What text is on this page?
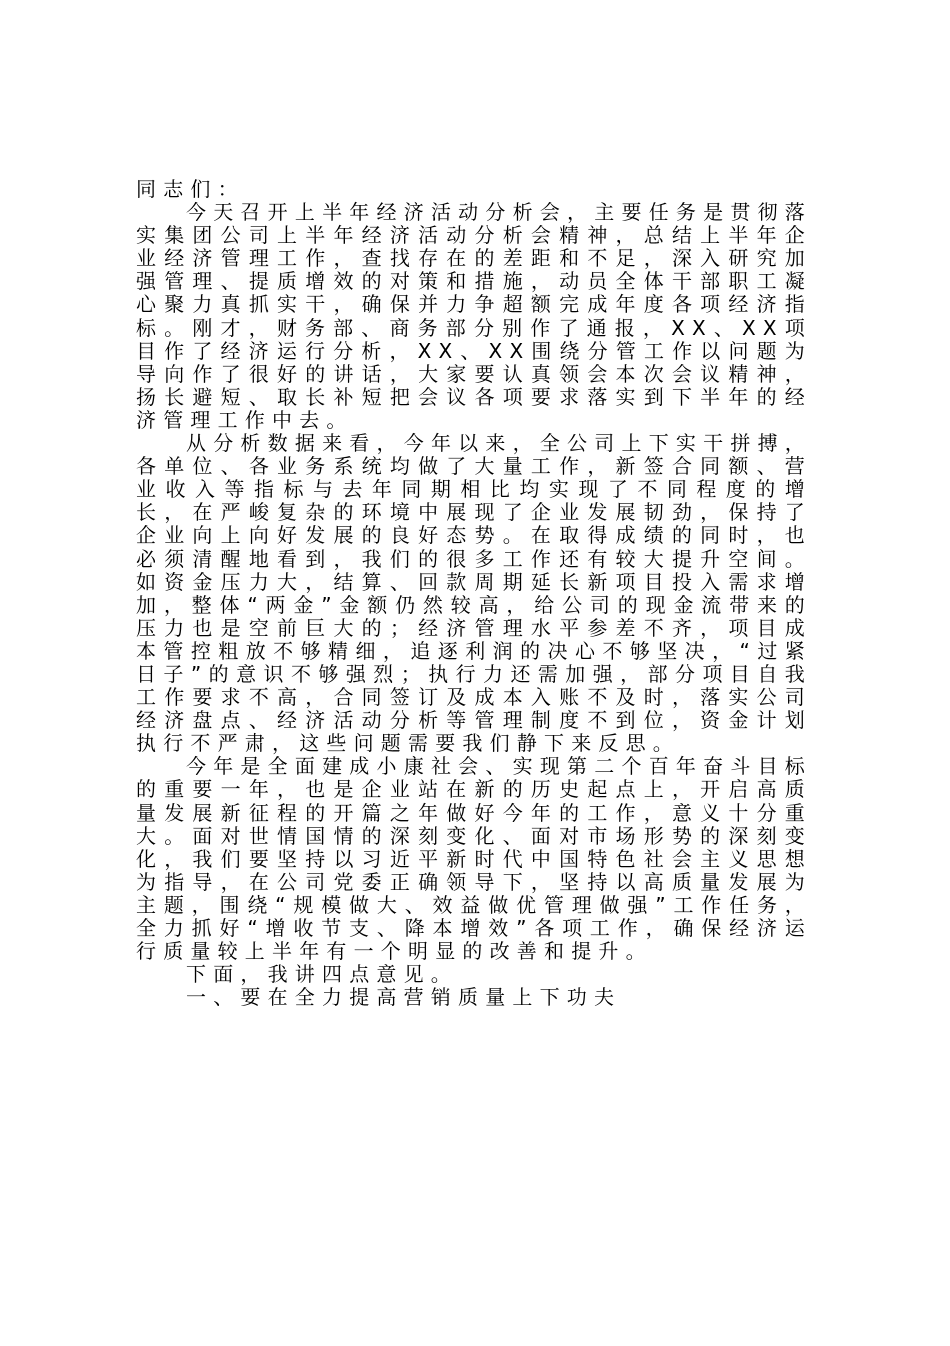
同志们：

今天召开上半年经济活动分析会，主要任务是贯彻落实集团公司上半年经济活动分析会精神，总结上半年企业经济管理工作，查找存在的差距和不足，深入研究加强管理、提质增效的对策和措施，动员全体干部职工凝心聚力真抓实干，确保并力争超额完成年度各项经济指标。刚才，财务部、商务部分别作了通报，XX、XX项目作了经济运行分析，XX、XX围绕分管工作以问题为导向作了很好的讲话，大家要认真领会本次会议精神，扬长避短、取长补短把会议各项要求落实到下半年的经济管理工作中去。

从分析数据来看，今年以来，全公司上下实干拼搏，各单位、各业务系统均做了大量工作，新签合同额、营业收入等指标与去年同期相比均实现了不同程度的增长，在严峻复杂的环境中展现了企业发展韧劲，保持了企业向上向好发展的良好态势。在取得成绩的同时，也必须清醒地看到，我们的很多工作还有较大提升空间。如资金压力大，结算、回款周期延长新项目投入需求增加，整体“两金”金额仍然较高，给公司的现金流带来的压力也是空前巨大的；经济管理水平参差不齐，项目成本管控粗放不够精细，追逐利润的决心不够坚决，“过紧日子”的意识不够强烈；执行力还需加强，部分项目自我工作要求不高，合同签订及成本入账不及时，落实公司经济盘点、经济活动分析等管理制度不到位，资金计划执行不严肃，这些问题需要我们静下来反思。

今年是全面建成小康社会、实现第二个百年奋斗目标的重要一年，也是企业站在新的历史起点上，开启高质量发展新征程的开篇之年做好今年的工作，意义十分重大。面对世情国情的深刻变化、面对市场形势的深刻变化，我们要坚持以习近平新时代中国特色社会主义思想为指导，在公司党委正确领导下，坚持以高质量发展为主题，围绕“规模做大、效益做优管理做强”工作任务，全力抓好“增收节支、降本增效”各项工作，确保经济运行质量较上半年有一个明显的改善和提升。

下面，我讲四点意见。

一、要在全力提高营销质量上下功夫
